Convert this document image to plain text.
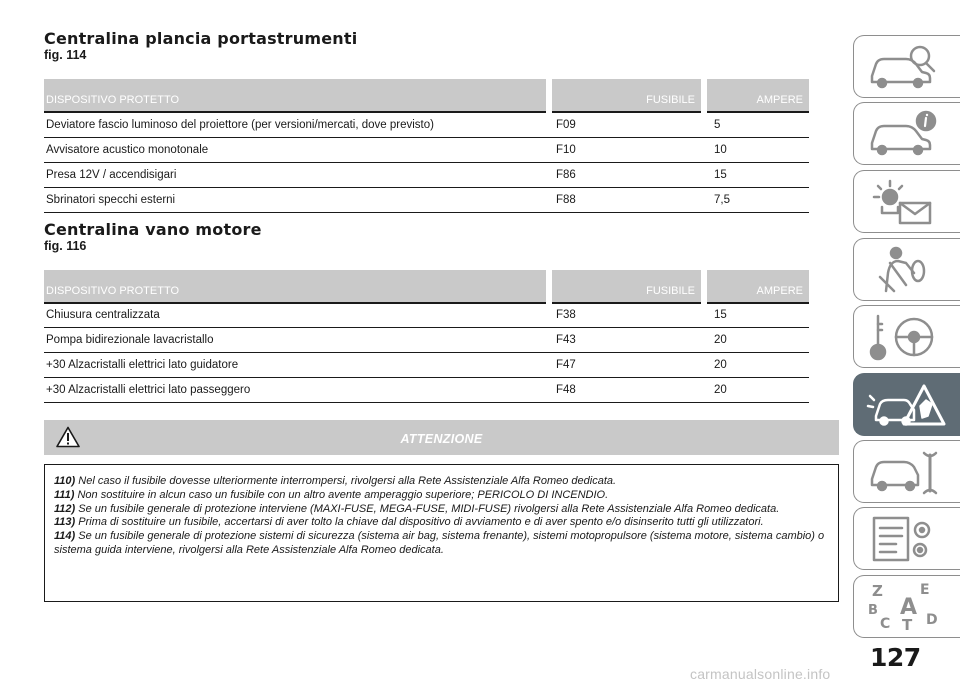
Centralina plancia portastrumenti
fig. 114
DISPOSITIVO PROTETTO	FUSIBILE	AMPERE
Deviatore fascio luminoso del proiettore (per versioni/mercati, dove previsto)	F09	5
Avvisatore acustico monotonale	F10	10
Presa 12V / accendisigari	F86	15
Sbrinatori specchi esterni	F88	7,5
Centralina vano motore
fig. 116
DISPOSITIVO PROTETTO	FUSIBILE	AMPERE
Chiusura centralizzata	F38	15
Pompa bidirezionale lavacristallo	F43	20
+30 Alzacristalli elettrici lato guidatore	F47	20
+30 Alzacristalli elettrici lato passeggero	F48	20
ATTENZIONE

110) Nel caso il fusibile dovesse ulteriormente interrompersi, rivolgersi alla Rete Assistenziale Alfa Romeo dedicata.

111) Non sostituire in alcun caso un fusibile con un altro avente amperaggio superiore; PERICOLO DI INCENDIO.

112) Se un fusibile generale di protezione interviene (MAXI-FUSE, MEGA-FUSE, MIDI-FUSE) rivolgersi alla Rete Assistenziale Alfa Romeo dedicata.

113) Prima di sostituire un fusibile, accertarsi di aver tolto la chiave dal dispositivo di avviamento e di aver spento e/o disinserito tutti gli utilizzatori.

114) Se un fusibile generale di protezione sistemi di sicurezza (sistema air bag, sistema frenante), sistemi motopropulsore (sistema motore, sistema cambio) o sistema guida interviene, rivolgersi alla Rete Assistenziale Alfa Romeo dedicata.

Z	E
A
B
C T D
127
carmanualsonline.info
